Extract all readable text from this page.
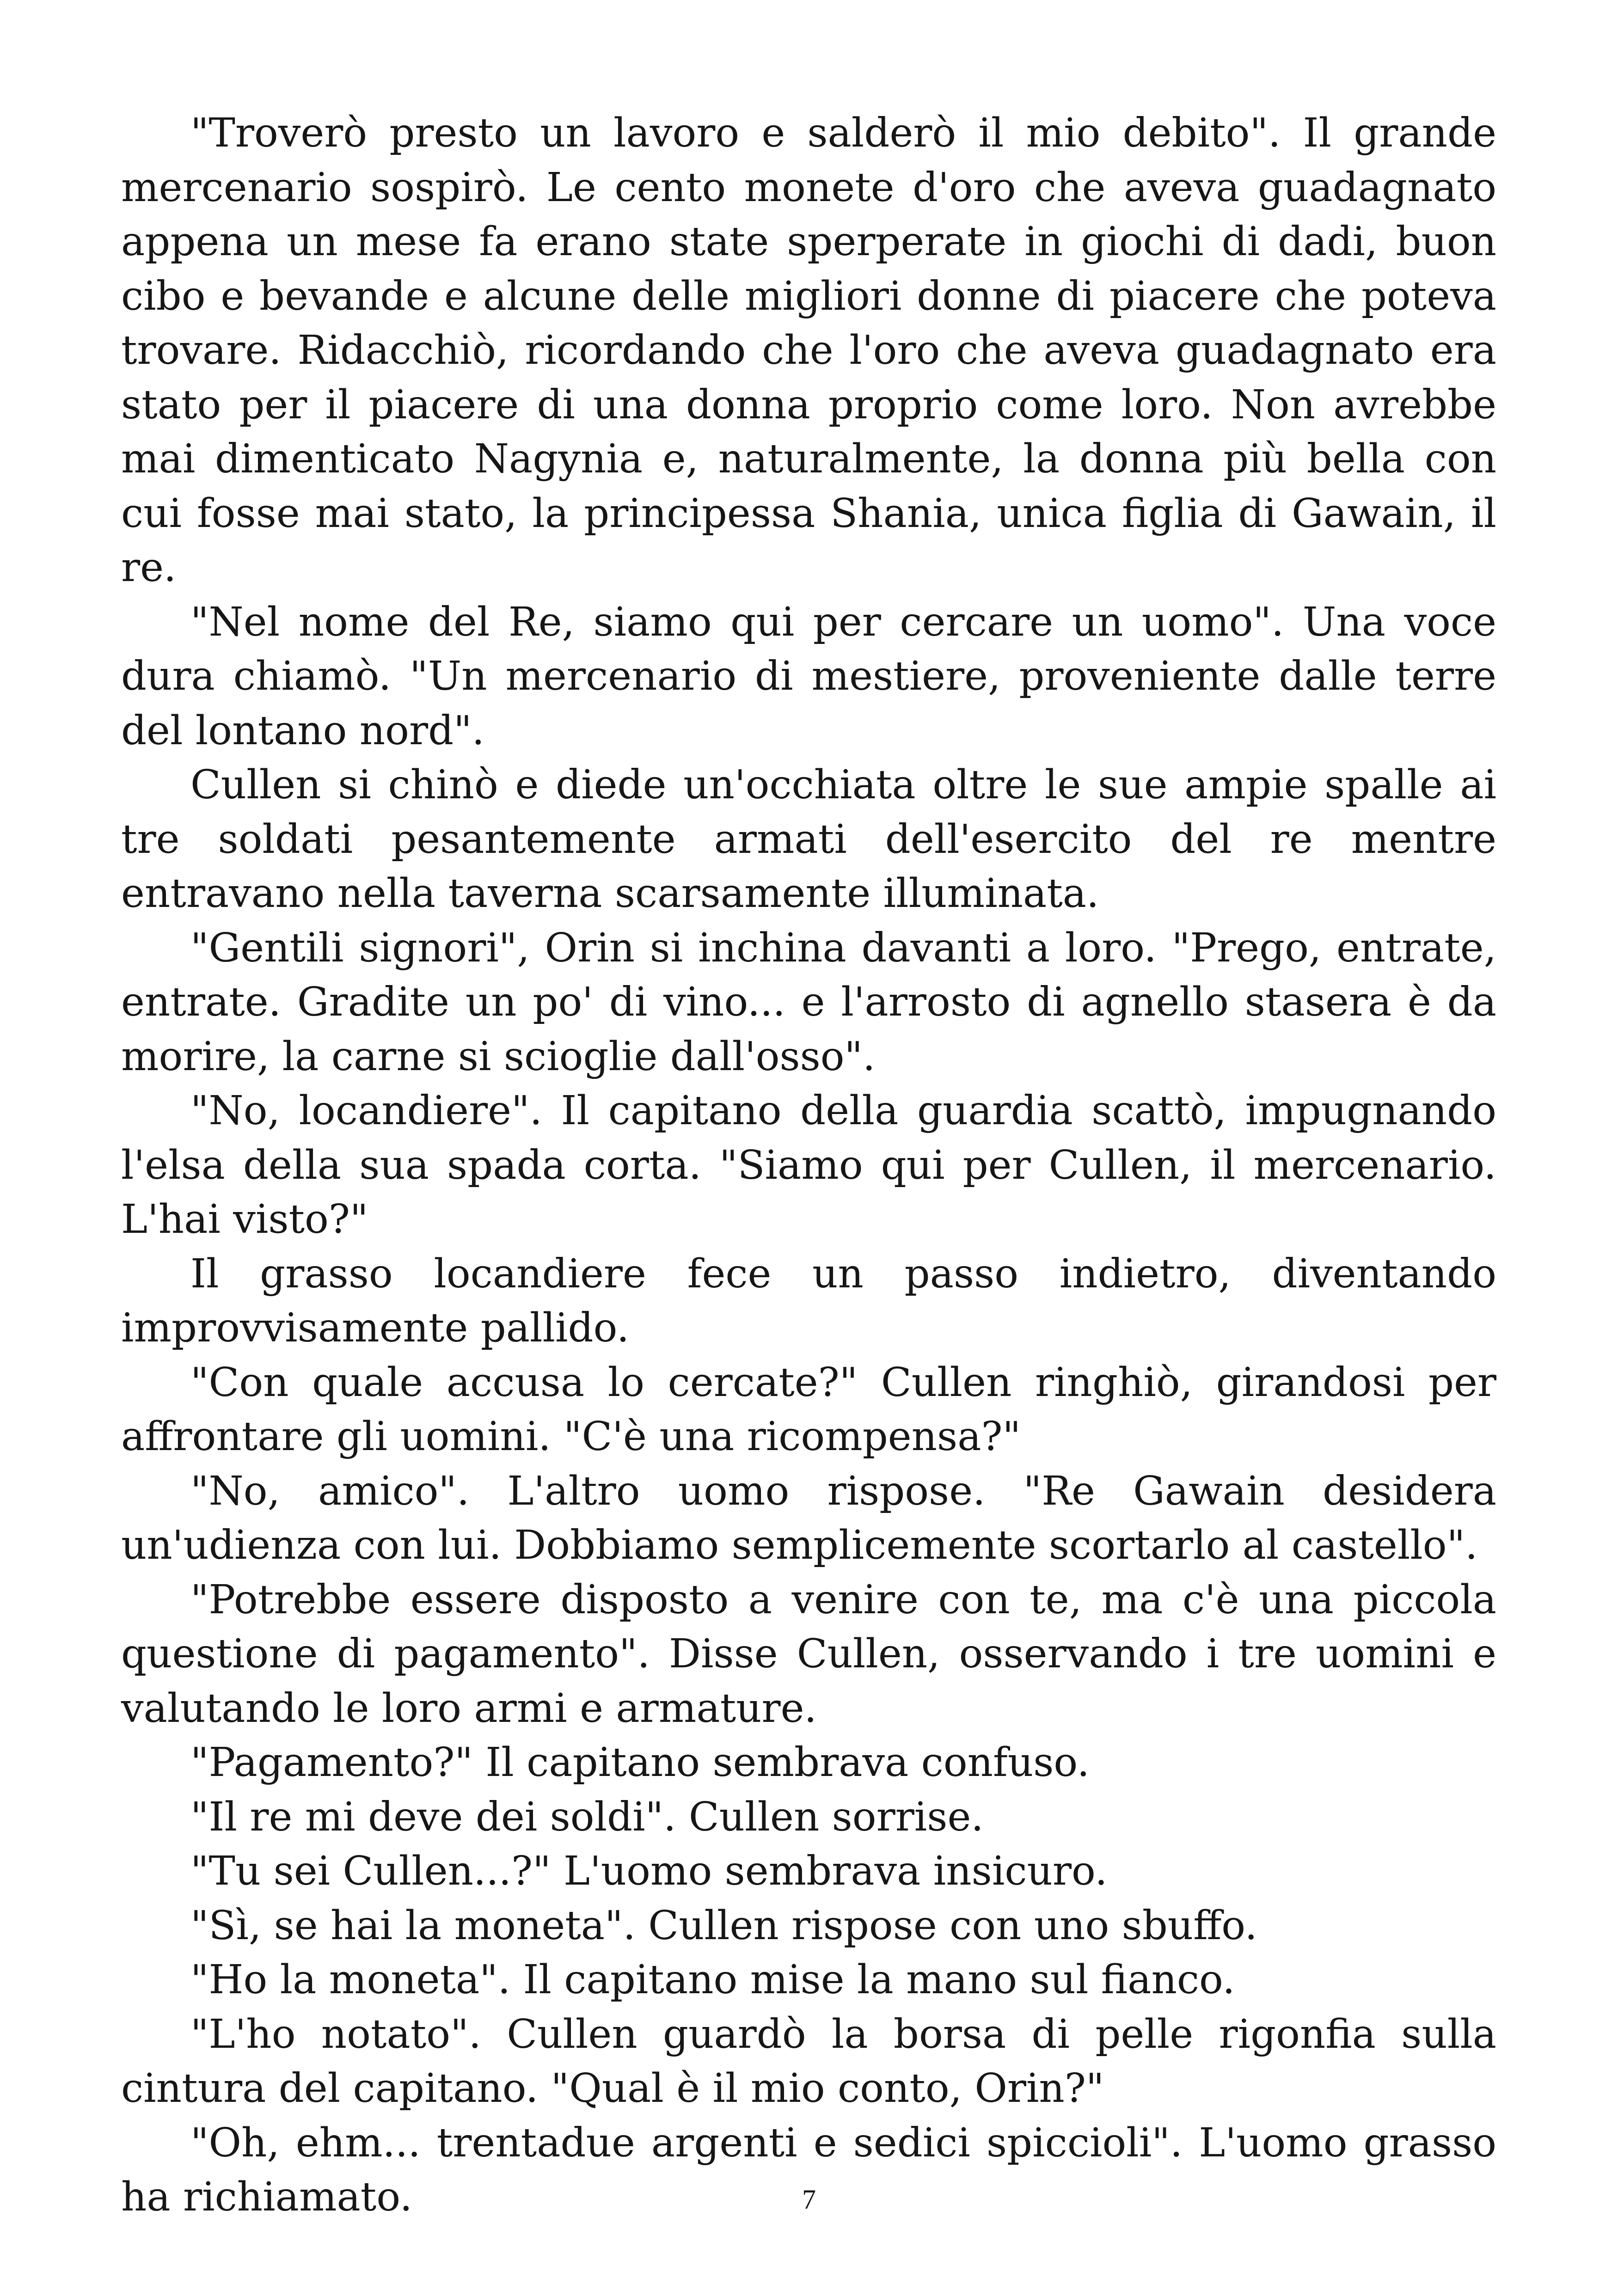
"Troverò presto un lavoro e salderò il mio debito". Il grande mercenario sospirò. Le cento monete d'oro che aveva guadagnato appena un mese fa erano state sperperate in giochi di dadi, buon cibo e bevande e alcune delle migliori donne di piacere che poteva trovare. Ridacchiò, ricordando che l'oro che aveva guadagnato era stato per il piacere di una donna proprio come loro. Non avrebbe mai dimenticato Nagynia e, naturalmente, la donna più bella con cui fosse mai stato, la principessa Shania, unica figlia di Gawain, il re.

"Nel nome del Re, siamo qui per cercare un uomo". Una voce dura chiamò. "Un mercenario di mestiere, proveniente dalle terre del lontano nord".

Cullen si chinò e diede un'occhiata oltre le sue ampie spalle ai tre soldati pesantemente armati dell'esercito del re mentre entravano nella taverna scarsamente illuminata.

"Gentili signori", Orin si inchina davanti a loro. "Prego, entrate, entrate. Gradite un po' di vino... e l'arrosto di agnello stasera è da morire, la carne si scioglie dall'osso".

"No, locandiere". Il capitano della guardia scattò, impugnando l'elsa della sua spada corta. "Siamo qui per Cullen, il mercenario. L'hai visto?"

Il grasso locandiere fece un passo indietro, diventando improvvisamente pallido.

"Con quale accusa lo cercate?" Cullen ringhiò, girandosi per affrontare gli uomini. "C'è una ricompensa?"

"No, amico". L'altro uomo rispose. "Re Gawain desidera un'udienza con lui. Dobbiamo semplicemente scortarlo al castello".

"Potrebbe essere disposto a venire con te, ma c'è una piccola questione di pagamento". Disse Cullen, osservando i tre uomini e valutando le loro armi e armature.

"Pagamento?" Il capitano sembrava confuso.

"Il re mi deve dei soldi". Cullen sorrise.

"Tu sei Cullen...?" L'uomo sembrava insicuro.

"Sì, se hai la moneta". Cullen rispose con uno sbuffo.

"Ho la moneta". Il capitano mise la mano sul fianco.

"L'ho notato". Cullen guardò la borsa di pelle rigonfia sulla cintura del capitano. "Qual è il mio conto, Orin?"

"Oh, ehm... trentadue argenti e sedici spiccioli". L'uomo grasso ha richiamato.	7
